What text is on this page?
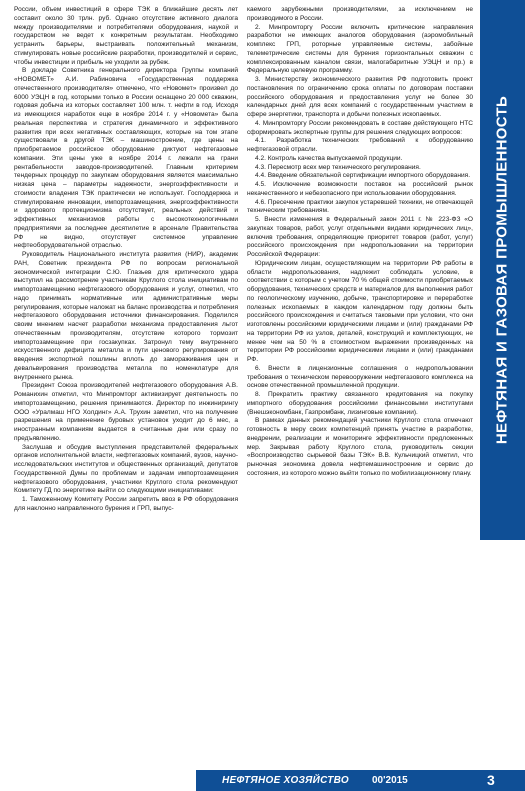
России, объем инвестиций в сфере ТЭК в ближайшие десять лет составит около 30 трлн. руб. Однако отсутствие активного диалога между производителями и потребителями оборудования, наукой и государством не ведет к конкретным результатам. Необходимо устранить барьеры, выстраивать положительный механизм, стимулировать новые российские разработки, производителей и сервис, чтобы инвестиции и прибыль не уходили за рубеж.

В докладе Советника генерального директора Группы компаний «НОВОМЕТ» А.И. Рабиновича «Государственная поддержка отечественного производителя» отмечено, что «Новомет» произвел до 6000 УЭЦН в год, которыми только в России оснащено 20 000 скважин, годовая добыча из которых составляет 100 млн. т. нефти в год. Исходя из имеющихся наработок еще в ноябре 2014 г. у «Новомета» была реальная перспектива и стратегия динамичного и эффективного развития при всех негативных составляющих, которые на том этапе существовали в другой ТЭК – машиностроение, где цены на приобретаемое российское оборудование диктуют нефтегазовые компании. Эти цены уже в ноябре 2014 г. лежали на грани рентабельности заводов-производителей. Главным критерием тендерных процедур по закупкам оборудования является максимально низкая цена – параметры надежности, энергоэффективности и стоимости владения ТЭК практически не использует. Господдержка и стимулирование инновации, импортозамещения, энергоэффективности и здорового протекционизма отсутствует, реальных действий и эффективных механизмов работы с высокотехнологичными предприятиями за последнее десятилетие в арсенале Правительства РФ не видно, отсутствует системное управление нефтеоборудовательной отраслью.

Руководитель Национального института развития (НИР), академик РАН, Советник президента РФ по вопросам региональной экономической интеграции С.Ю. Глазьев для критического удара выступил на рассмотрение участникам Круглого стола инициативам по импортозамещению нефтегазового оборудования и услуг, отметил, что надо принимать нормативные или административные меры регулирования, которые наложат на баланс производства и потребления нефтегазового оборудования источники финансирования. Поделился своим мнением насчет разработки механизма предоставления льгот отечественным производителям, отсутствие которого тормозит импортозамещение при госзакупках. Затронул тему внутреннего искусственного дефицита металла и пути ценового регулирования от введения экспортной пошлины вплоть до замораживания цен и девальвирования производства металла по номенклатуре для внутреннего рынка.

Президент Союза производителей нефтегазового оборудования А.В. Романихин отметил, что Минпромторг активизирует деятельность по импортозамещению, решения принимаются. Директор по инжинирингу ООО «Уралмаш НГО Холдинг» А.А. Трухин заметил, что на получение разрешения на применение буровых установок уходит до 6 мес, а иностранным компаниям выдается в считанные дни или сразу по предъявлению.

Заслушав и обсудив выступления представителей федеральных органов исполнительной власти, нефтегазовых компаний, вузов, научно-исследовательских институтов и общественных организаций, депутатов Государственной Думы по проблемам и задачам импортозамещения нефтегазового оборудования, участники Круглого стола рекомендуют Комитету ГД по энергетике выйти со следующими инициативами:

1. Таможенному Комитету России запретить ввоз в РФ оборудования для наклонно направленного бурения и ГРП, выпус-

каемого зарубежными производителями, за исключением не производимого в России.

2. Минпромторгу России включить критические направления разработки не имеющих аналогов оборудования (аэромобильный комплекс ГРП, роторные управляемые системы, забойные телеметрические системы для бурения горизонтальных скважин с комплексированным каналом связи, малогабаритные УЭЦН и пр.) в Федеральную целевую программу.

3. Министерству экономического развития РФ подготовить проект постановления по ограничению срока оплаты по договорам поставки российского оборудования и предоставления услуг не более 30 календарных дней для всех компаний с государственным участием в сфере энергетики, транспорта и добычи полезных ископаемых.

4. Минпромторгу России рекомендовать в составе действующего НТС сформировать экспертные группы для решения следующих вопросов:

4.1. Разработка технических требований к оборудованию нефтегазовой отрасли.

4.2. Контроль качества выпускаемой продукции.

4.3. Пересмотр всех мер технического регулирования.

4.4. Введение обязательной сертификации импортного оборудования.

4.5. Исключение возможности поставок на российский рынок некачественного и небезопасного при использовании оборудования.

4.6. Пресечение практики закупок устаревшей техники, не отвечающей техническим требованиям.

5. Внести изменения в Федеральный закон 2011 г. № 223-ФЗ «О закупках товаров, работ, услуг отдельными видами юридических лиц», включив требования, определяющие приоритет товаров (работ, услуг) российского происхождения при недропользовании на территории Российской Федерации:

Юридическим лицам, осуществляющим на территории РФ работы в области недропользования, надлежит соблюдать условие, в соответствии с которым с учетом 70 % общей стоимости приобретаемых оборудования, технических средств и материалов для выполнения работ по геологическому изучению, добыче, транспортировке и переработке полезных ископаемых в каждом календарном году должны быть российского происхождения и считаться таковыми при условии, что они изготовлены российскими юридическими лицами и (или) гражданами РФ на территории РФ из узлов, деталей, конструкций и комплектующих, не менее чем на 50 % в стоимостном выражении произведенных на территории РФ российскими юридическими лицами и (или) гражданами РФ.

6. Внести в лицензионные соглашения о недропользовании требования о техническом перевооружении нефтегазового комплекса на основе отечественной промышленной продукции.

8. Прекратить практику связанного кредитования на покупку импортного оборудования российскими финансовыми институтами (Внешэкономбанк, Газпромбанк, лизинговые компании).

В рамках данных рекомендаций участники Круглого стола отмечают готовность в меру своих компетенций принять участие в разработке, внедрении, реализации и мониторинге эффективности предложенных мер. Закрывая работу Круглого стола, руководитель секции «Воспроизводство сырьевой базы ТЭК» В.В. Кульчицкий отметил, что рыночная экономика довела нефтемашиностроение и сервис до состояния, из которого можно выйти только по мобилизационному плану.

НЕФТЯНАЯ И ГАЗОВАЯ ПРОМЫШЛЕННОСТЬ
НЕФТЯНОЕ ХОЗЯЙСТВО 00'2015	3
